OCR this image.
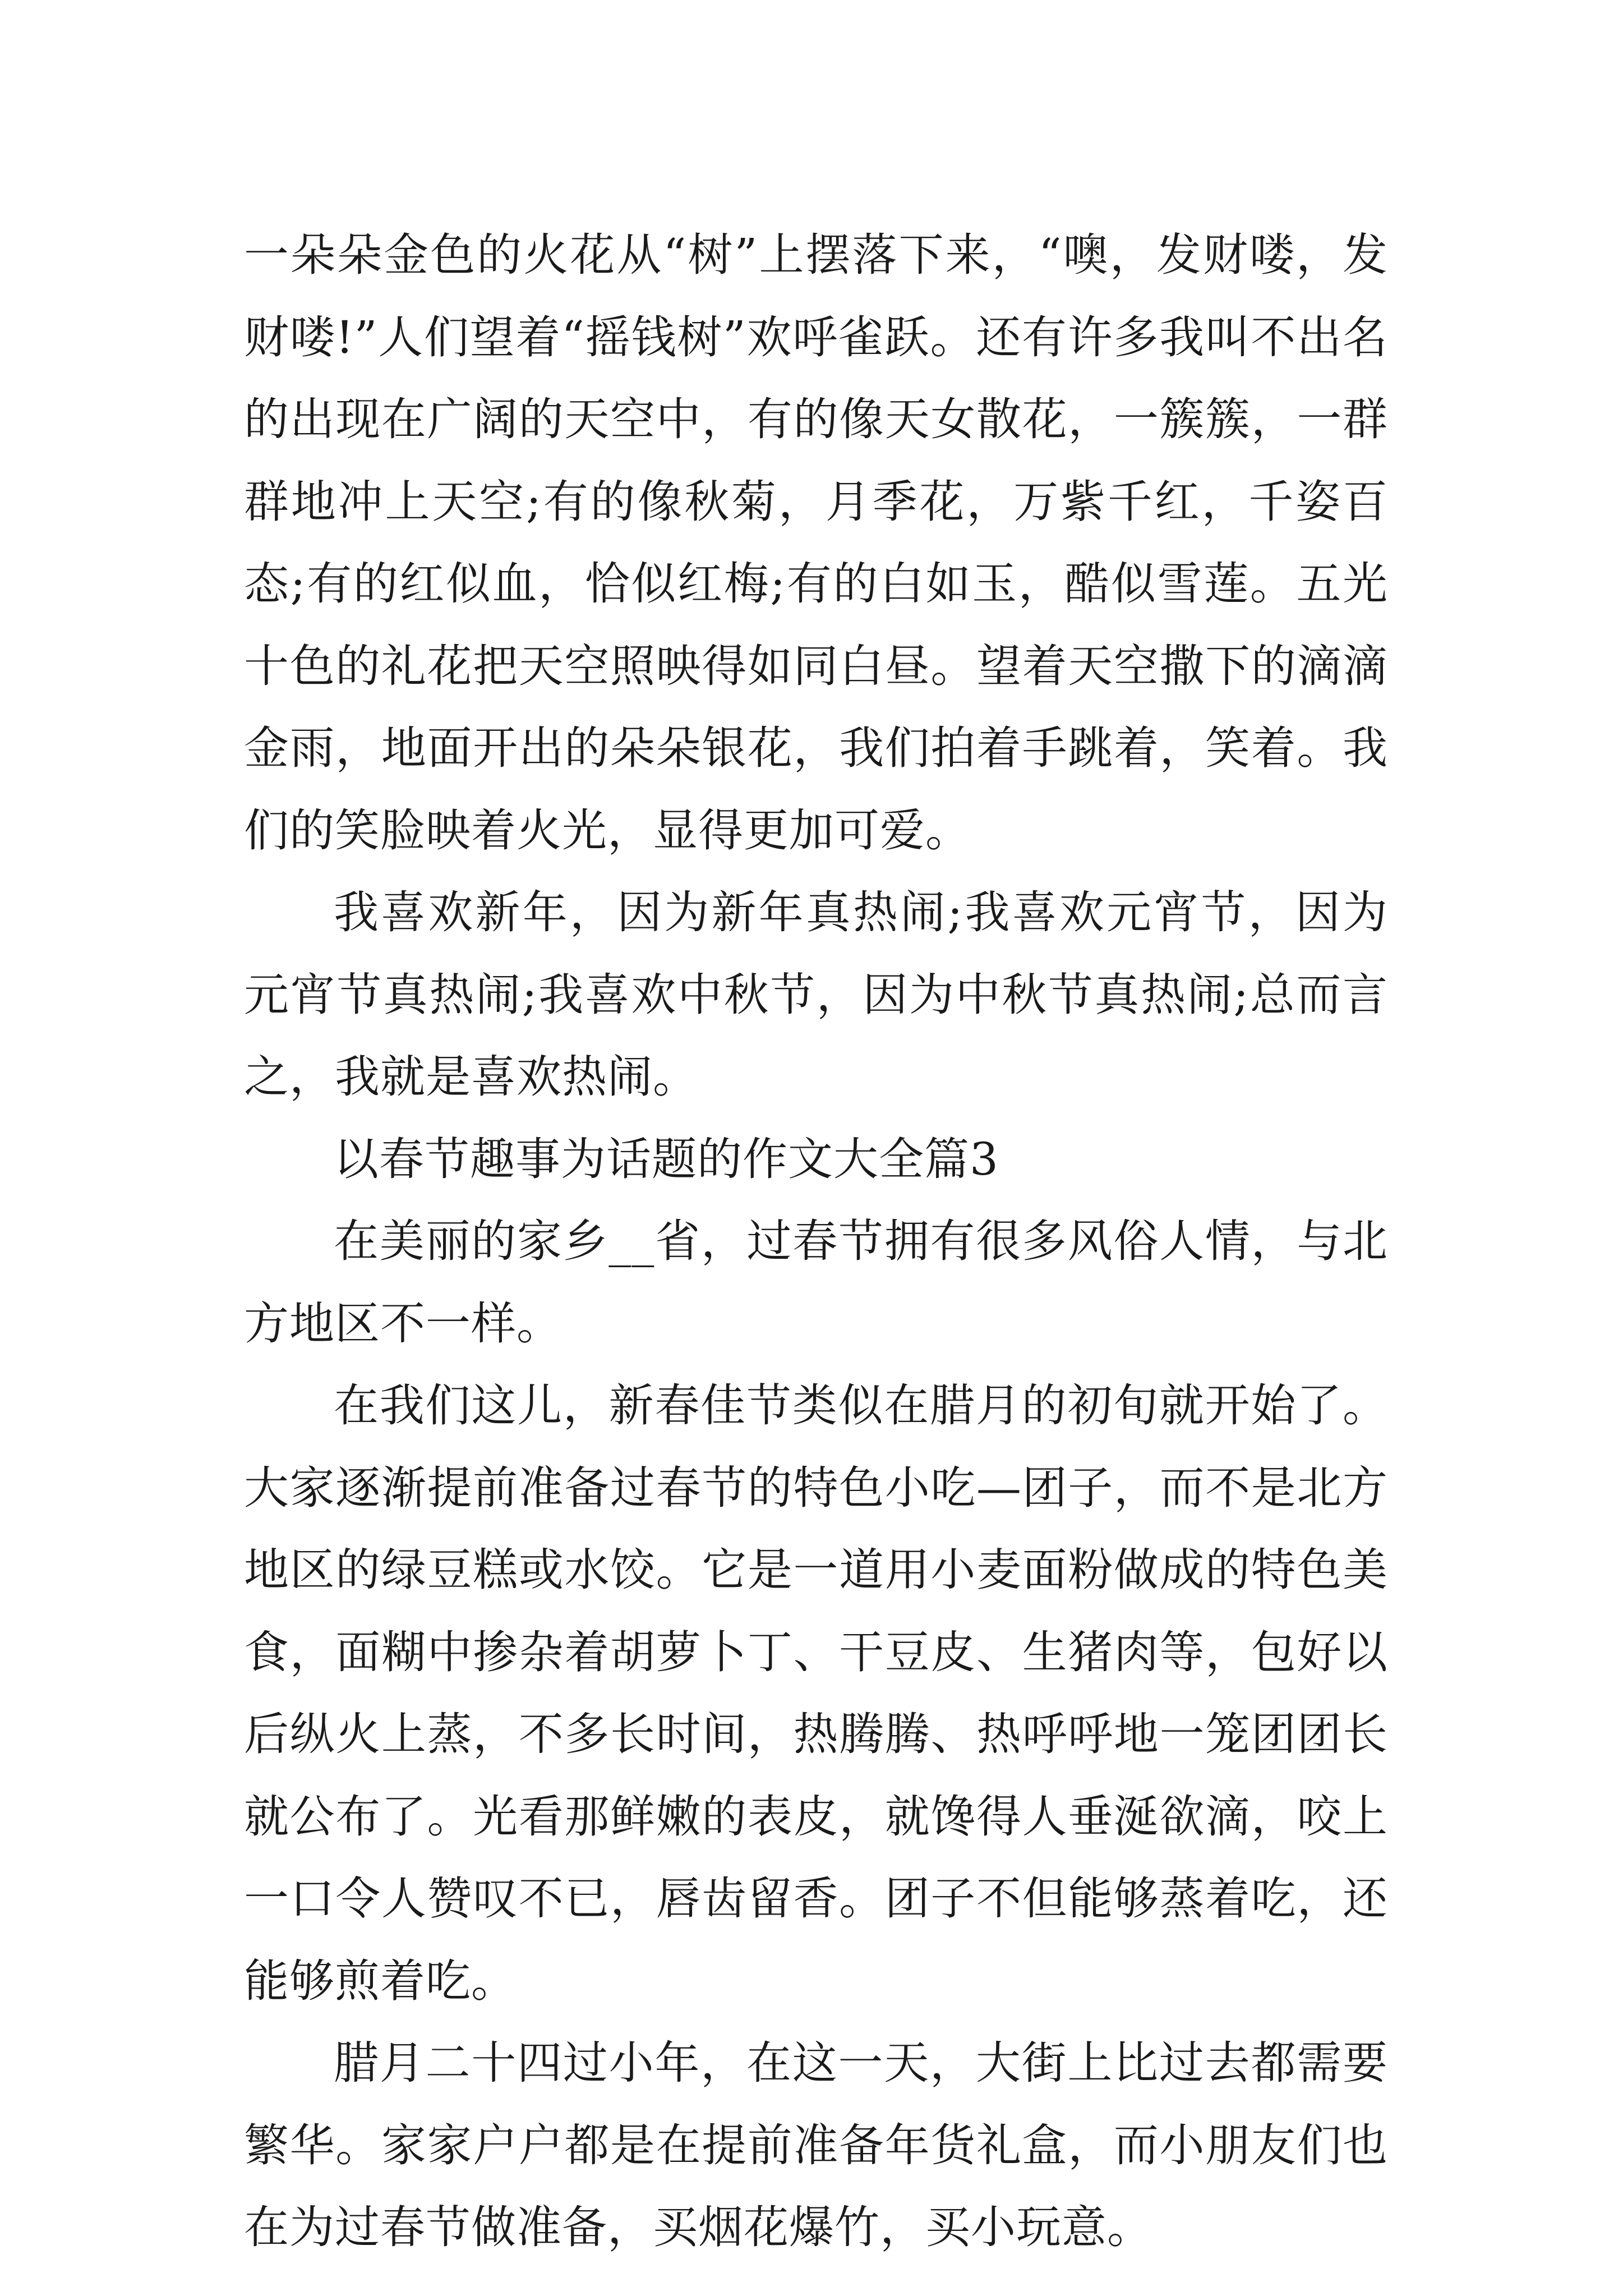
一朵朵金色的火花从“树”上摆落下来，“噢，发财喽，发财喽!”人们望着“摇钱树”欢呼雀跃。还有许多我叫不出名的出现在广阔的天空中，有的像天女散花，一簇簇，一群群地冲上天空;有的像秋菊，月季花，万紫千红，千姿百态;有的红似血，恰似红梅;有的白如玉，酷似雪莲。五光十色的礼花把天空照映得如同白昼。望着天空撒下的滴滴金雨，地面开出的朵朵银花，我们拍着手跳着，笑着。我们的笑脸映着火光，显得更加可爱。

我喜欢新年，因为新年真热闹;我喜欢元宵节，因为元宵节真热闹;我喜欢中秋节，因为中秋节真热闹;总而言之，我就是喜欢热闹。

以春节趣事为话题的作文大全篇3

在美丽的家乡__省，过春节拥有很多风俗人情，与北方地区不一样。

在我们这儿，新春佳节类似在腊月的初旬就开始了。大家逐渐提前准备过春节的特色小吃—团子，而不是北方地区的绿豆糕或水饺。它是一道用小麦面粉做成的特色美食，面糊中掺杂着胡萝卜丁、干豆皮、生猪肉等，包好以后纵火上蒸，不多长时间，热腾腾、热呼呼地一笼团团长就公布了。光看那鲜嫩的表皮，就馋得人垂涎欲滴，咬上一口令人赞叹不已，唇齿留香。团子不但能够蒸着吃，还能够煎着吃。

腊月二十四过小年，在这一天，大街上比过去都需要繁华。家家户户都是在提前准备年货礼盒，而小朋友们也在为过春节做准备，买烟花爆竹，买小玩意。
